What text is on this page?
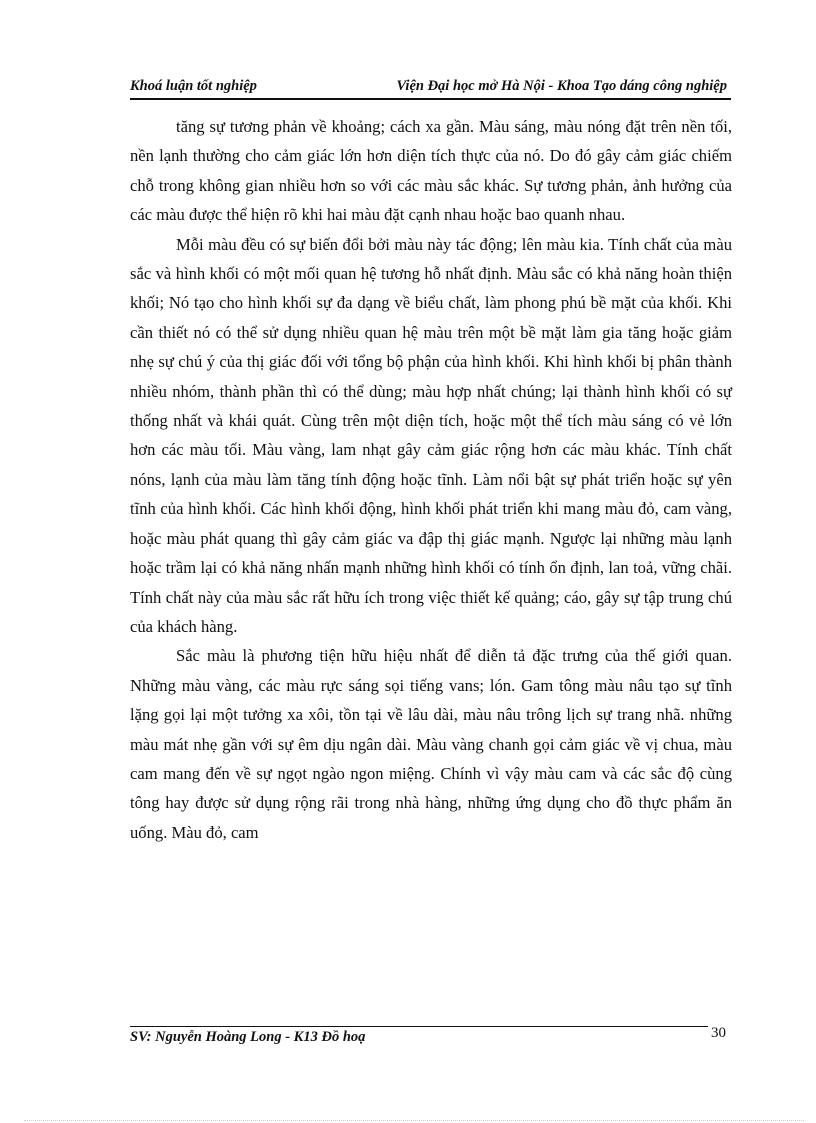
Khoá luận tốt nghiệp	Viện Đại học mở Hà Nội - Khoa Tạo dáng công nghiệp

tăng sự tương phản về khoảng; cách xa gần. Màu sáng, màu nóng đặt trên nền tối, nền lạnh thường cho cảm giác lớn hơn diện tích thực của nó. Do đó gây cảm giác chiếm chỗ trong không gian nhiều hơn so với các màu sắc khác. Sự tương phản, ảnh hưởng của các màu được thể hiện rõ khi hai màu đặt cạnh nhau hoặc bao quanh nhau.

Mỗi màu đều có sự biến đổi bởi màu này tác động; lên màu kia. Tính chất của màu sắc và hình khối có một mối quan hệ tương hỗ nhất định. Màu sắc có khả năng hoàn thiện khối; Nó tạo cho hình khối sự đa dạng về biểu chất, làm phong phú bề mặt của khối. Khi cần thiết nó có thể sử dụng nhiều quan hệ màu trên một bề mặt làm gia tăng hoặc giảm nhẹ sự chú ý của thị giác đối với tổng bộ phận của hình khối. Khi hình khối bị phân thành nhiều nhóm, thành phần thì có thể dùng; màu hợp nhất chúng; lại thành hình khối có sự thống nhất và khái quát. Cùng trên một diện tích, hoặc một thể tích màu sáng có vẻ lớn hơn các màu tối. Màu vàng, lam nhạt gây cảm giác rộng hơn các màu khác. Tính chất nóns, lạnh của màu làm tăng tính động hoặc tĩnh. Làm nổi bật sự phát triển hoặc sự yên tĩnh của hình khối. Các hình khối động, hình khối phát triển khi mang màu đỏ, cam vàng, hoặc màu phát quang thì gây cảm giác va đập thị giác mạnh. Ngược lại những màu lạnh hoặc trầm lại có khả năng nhấn mạnh những hình khối có tính ổn định, lan toả, vững chãi. Tính chất này của màu sắc rất hữu ích trong việc thiết kế quảng; cáo, gây sự tập trung chú của khách hàng.

Sắc màu là phương tiện hữu hiệu nhất để diễn tả đặc trưng của thế giới quan. Những màu vàng, các màu rực sáng sọi tiếng vans; lón. Gam tông màu nâu tạo sự tĩnh lặng gọi lại một tưởng xa xôi, tồn tại về lâu dài, màu nâu trông lịch sự trang nhã. những màu mát nhẹ gần với sự êm dịu ngân dài. Màu vàng chanh gọi cảm giác về vị chua, màu cam mang đến về sự ngọt ngào ngon miệng. Chính vì vậy màu cam và các sắc độ cùng tông hay được sử dụng rộng rãi trong nhà hàng, những ứng dụng cho đồ thực phẩm ăn uống. Màu đỏ, cam

SV: Nguyễn Hoàng Long - K13 Đồ hoạ	30
